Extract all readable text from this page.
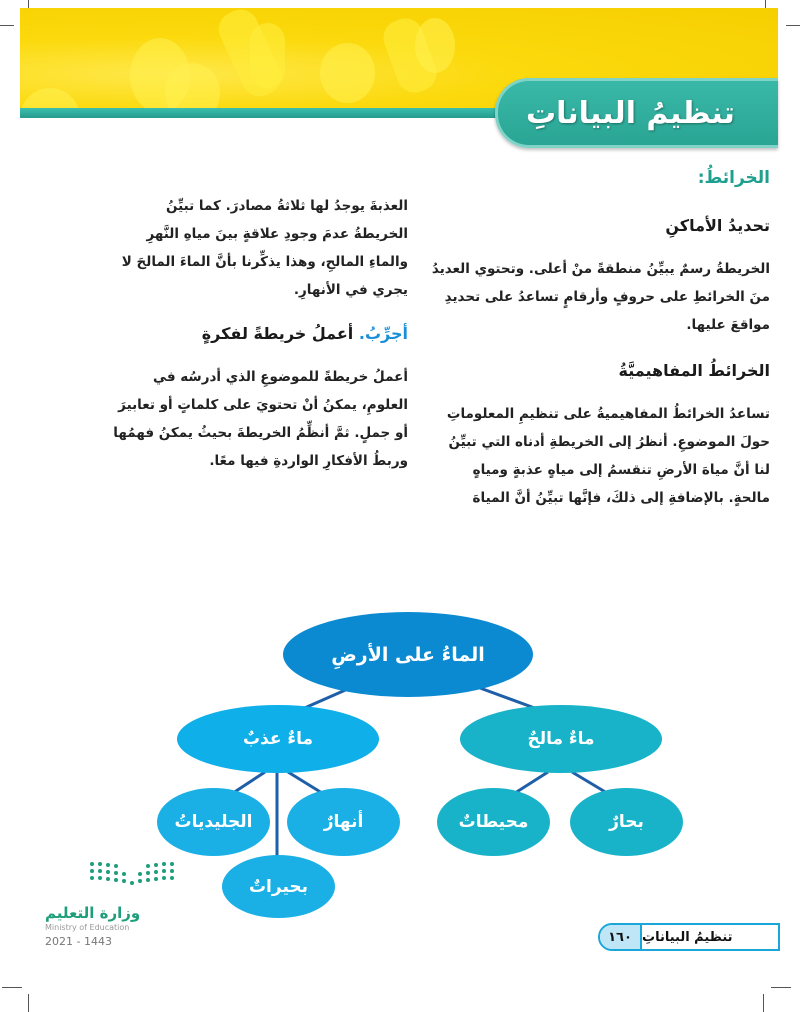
تنظيمُ البياناتِ
الخرائطُ:
تحديدُ الأماكنِ

الخريطةُ رسمٌ يبيِّنُ منطقةً منْ أعلى. وتحتوي العديدُ منَ الخرائطِ على حروفٍ وأرقامٍ تساعدُ على تحديدِ مواقعَ عليها.

الخرائطُ المفاهيميَّةُ

تساعدُ الخرائطُ المفاهيميةُ على تنظيمِ المعلوماتِ حولَ الموضوعِ. أنظرُ إلى الخريطةِ أدناه التي تبيِّنُ لنا أنَّ مياهَ الأرضِ تنقسمُ إلى مياهٍ عذبةٍ ومياهٍ مالحةٍ. بالإضافةِ إلى ذلكَ، فإنَّها تبيِّنُ أنَّ المياهَ

العذبةَ يوجدُ لها ثلاثةُ مصادرَ. كما تبيِّنُ الخريطةُ عدمَ وجودِ علاقةٍ بينَ مياهِ النَّهرِ والماءِ المالحِ، وهذا يذكِّرنا بأنَّ الماءَ المالحَ لا يجري في الأنهارِ.

أجرِّبُ. أعملُ خريطةً لفكرةٍ

أعملُ خريطةً للموضوعِ الذي أدرسُه في العلومِ، يمكنُ أنْ تحتويَ على كلماتٍ أو تعابيرَ أو جملٍ. ثمَّ أنظِّمُ الخريطةَ بحيثُ يمكنُ فهمُها وربطُ الأفكارِ الواردةِ فيها معًا.

الماءُ على الأرضِ
ماءٌ عذبٌ	ماءٌ مالحٌ
الجليدياتُ	أنهارٌ
بحيراتٌ
محيطاتٌ	بحارٌ
وزارة التعليم
Ministry of Education
2021 - 1443	١٦٠ تنظيمُ البياناتِ
